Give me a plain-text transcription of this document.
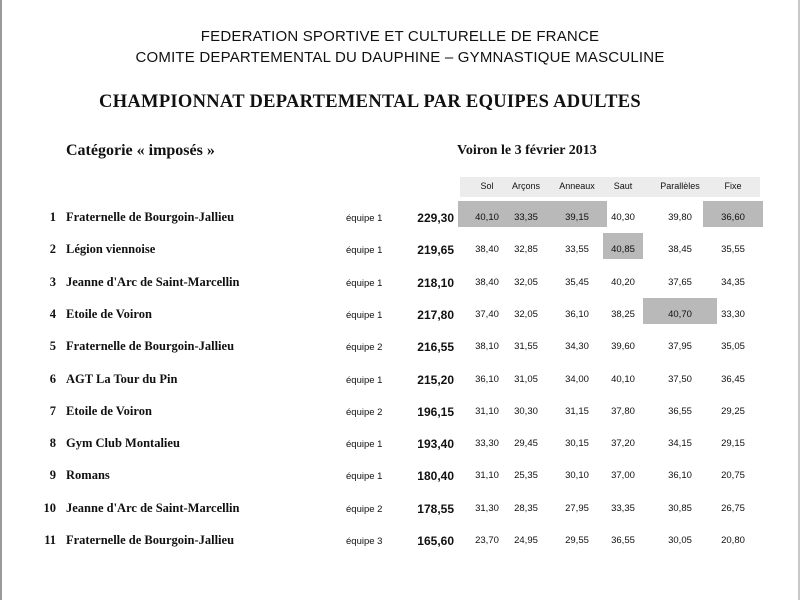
FEDERATION SPORTIVE ET CULTURELLE DE FRANCE
COMITE DEPARTEMENTAL DU DAUPHINE – GYMNASTIQUE MASCULINE
CHAMPIONNAT DEPARTEMENTAL PAR EQUIPES ADULTES
Catégorie « imposés »	Voiron le 3 février 2013
Sol	Arçons	Anneaux	Saut	Parallèles	Fixe
1 Fraternelle de Bourgoin-Jallieu	équipe 1	229,30	40,10	33,35	39,15	40,30	39,80	36,60
2 Légion viennoise	équipe 1	219,65	38,40	32,85	33,55	40,85	38,45	35,55
3 Jeanne d'Arc de Saint-Marcellin	équipe 1	218,10	38,40	32,05	35,45	40,20	37,65	34,35
4 Etoile de Voiron	équipe 1	217,80	37,40	32,05	36,10	38,25	40,70	33,30
5 Fraternelle de Bourgoin-Jallieu	équipe 2	216,55	38,10	31,55	34,30	39,60	37,95	35,05
6 AGT La Tour du Pin	équipe 1	215,20	36,10	31,05	34,00	40,10	37,50	36,45
7 Etoile de Voiron	équipe 2	196,15	31,10	30,30	31,15	37,80	36,55	29,25
8 Gym Club Montalieu	équipe 1	193,40	33,30	29,45	30,15	37,20	34,15	29,15
9 Romans	équipe 1	180,40	31,10	25,35	30,10	37,00	36,10	20,75
10 Jeanne d'Arc de Saint-Marcellin	équipe 2	178,55	31,30	28,35	27,95	33,35	30,85	26,75
11 Fraternelle de Bourgoin-Jallieu	équipe 3	165,60	23,70	24,95	29,55	36,55	30,05	20,80
